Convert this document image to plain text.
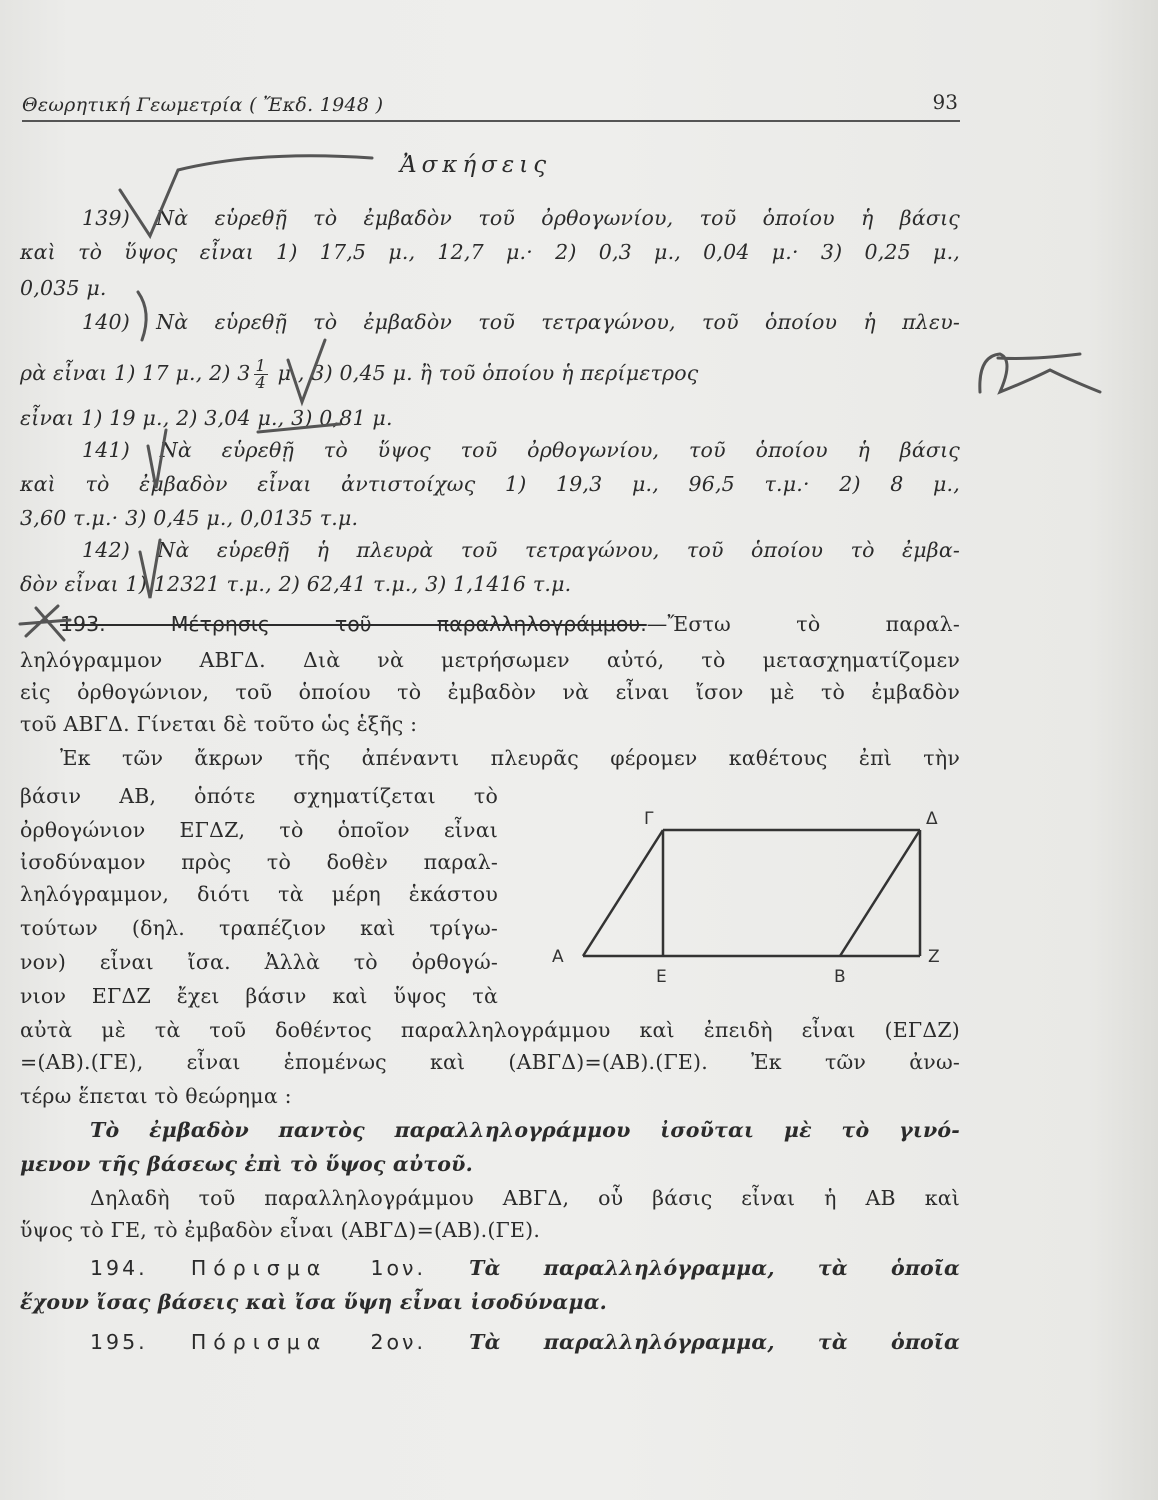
Θεωρητική Γεωμετρία ( Ἔκδ. 1948 )	93
Ἀσκήσεις
139) Νὰ εὑρεθῇ τὸ ἐμβαδὸν τοῦ ὀρθογωνίου, τοῦ ὁποίου ἡ βάσις
καὶ τὸ ὕψος εἶναι 1) 17,5 μ., 12,7 μ.· 2) 0,3 μ., 0,04 μ.· 3) 0,25 μ.,
0,035 μ.
140) Νὰ εὑρεθῇ τὸ ἐμβαδὸν τοῦ τετραγώνου, τοῦ ὁποίου ἡ πλευ-
ρὰ εἶναι 1) 17 μ., 2) $3 \frac{1}{4} \mu$., 3) 0,45 μ. ἢ τοῦ ὁποίου ἡ περίμετρος
εἶναι 1) 19 μ., 2) 3,04 μ., 3) 0,81 μ.
141) Νὰ εὑρεθῇ τὸ ὕψος τοῦ ὀρθογωνίου, τοῦ ὁποίου ἡ βάσις
καὶ τὸ ἐμβαδὸν εἶναι ἀντιστοίχως 1) 19,3 μ., 96,5 τ.μ.· 2) 8 μ.,
3,60 τ.μ.· 3) 0,45 μ., 0,0135 τ.μ.
142) Νὰ εὑρεθῇ ἡ πλευρὰ τοῦ τετραγώνου, τοῦ ὁποίου τὸ ἐμβα-
δὸν εἶναι 1) 12321 τ.μ., 2) 62,41 τ.μ., 3) 1,1416 τ.μ.
193. Μέτρησις τοῦ παραλληλογράμμου.—Ἔστω τὸ παραλ-
ληλόγραμμον ΑΒΓΔ. Διὰ νὰ μετρήσωμεν αὐτό, τὸ μετασχηματίζομεν
εἰς ὀρθογώνιον, τοῦ ὁποίου τὸ ἐμβαδὸν νὰ εἶναι ἴσον μὲ τὸ ἐμβαδὸν
τοῦ ΑΒΓΔ. Γίνεται δὲ τοῦτο ὡς ἑξῆς :
Ἐκ τῶν ἄκρων τῆς ἀπέναντι πλευρᾶς φέρομεν καθέτους ἐπὶ τὴν
βάσιν ΑΒ, ὁπότε σχηματίζεται τὸ
ὀρθογώνιον ΕΓΔΖ, τὸ ὁποῖον εἶναι
ἰσοδύναμον πρὸς τὸ δοθὲν παραλ-
ληλόγραμμον, διότι τὰ μέρη ἑκάστου
τούτων (δηλ. τραπέζιον καὶ τρίγω-
νον) εἶναι ἴσα. Ἀλλὰ τὸ ὀρθογώ-
νιον ΕΓΔΖ ἔχει βάσιν καὶ ὕψος τὰ
αὐτὰ μὲ τὰ τοῦ δοθέντος παραλληλογράμμου καὶ ἐπειδὴ εἶναι (ΕΓΔΖ)
=(ΑΒ).(ΓΕ), εἶναι ἑπομένως καὶ (ΑΒΓΔ)=(ΑΒ).(ΓΕ). Ἐκ τῶν ἀνω-
τέρω ἕπεται τὸ θεώρημα :
Τὸ ἐμβαδὸν παντὸς παραλληλογράμμου ἰσοῦται μὲ τὸ γινό-
μενον τῆς βάσεως ἐπὶ τὸ ὕψος αὐτοῦ.
Δηλαδὴ τοῦ παραλληλογράμμου ΑΒΓΔ, οὗ βάσις εἶναι ἡ ΑΒ καὶ
ὕψος τὸ ΓΕ, τὸ ἐμβαδὸν εἶναι (ΑΒΓΔ)=(ΑΒ).(ΓΕ).
194. Πόρισμα 1ον. Τὰ παραλληλόγραμμα, τὰ ὁποῖα
ἔχουν ἴσας βάσεις καὶ ἴσα ὕψη εἶναι ἰσοδύναμα.
195. Πόρισμα 2ον. Τὰ παραλληλόγραμμα, τὰ ὁποῖα
Α
Γ	Δ
Ε	Β
Ζ
